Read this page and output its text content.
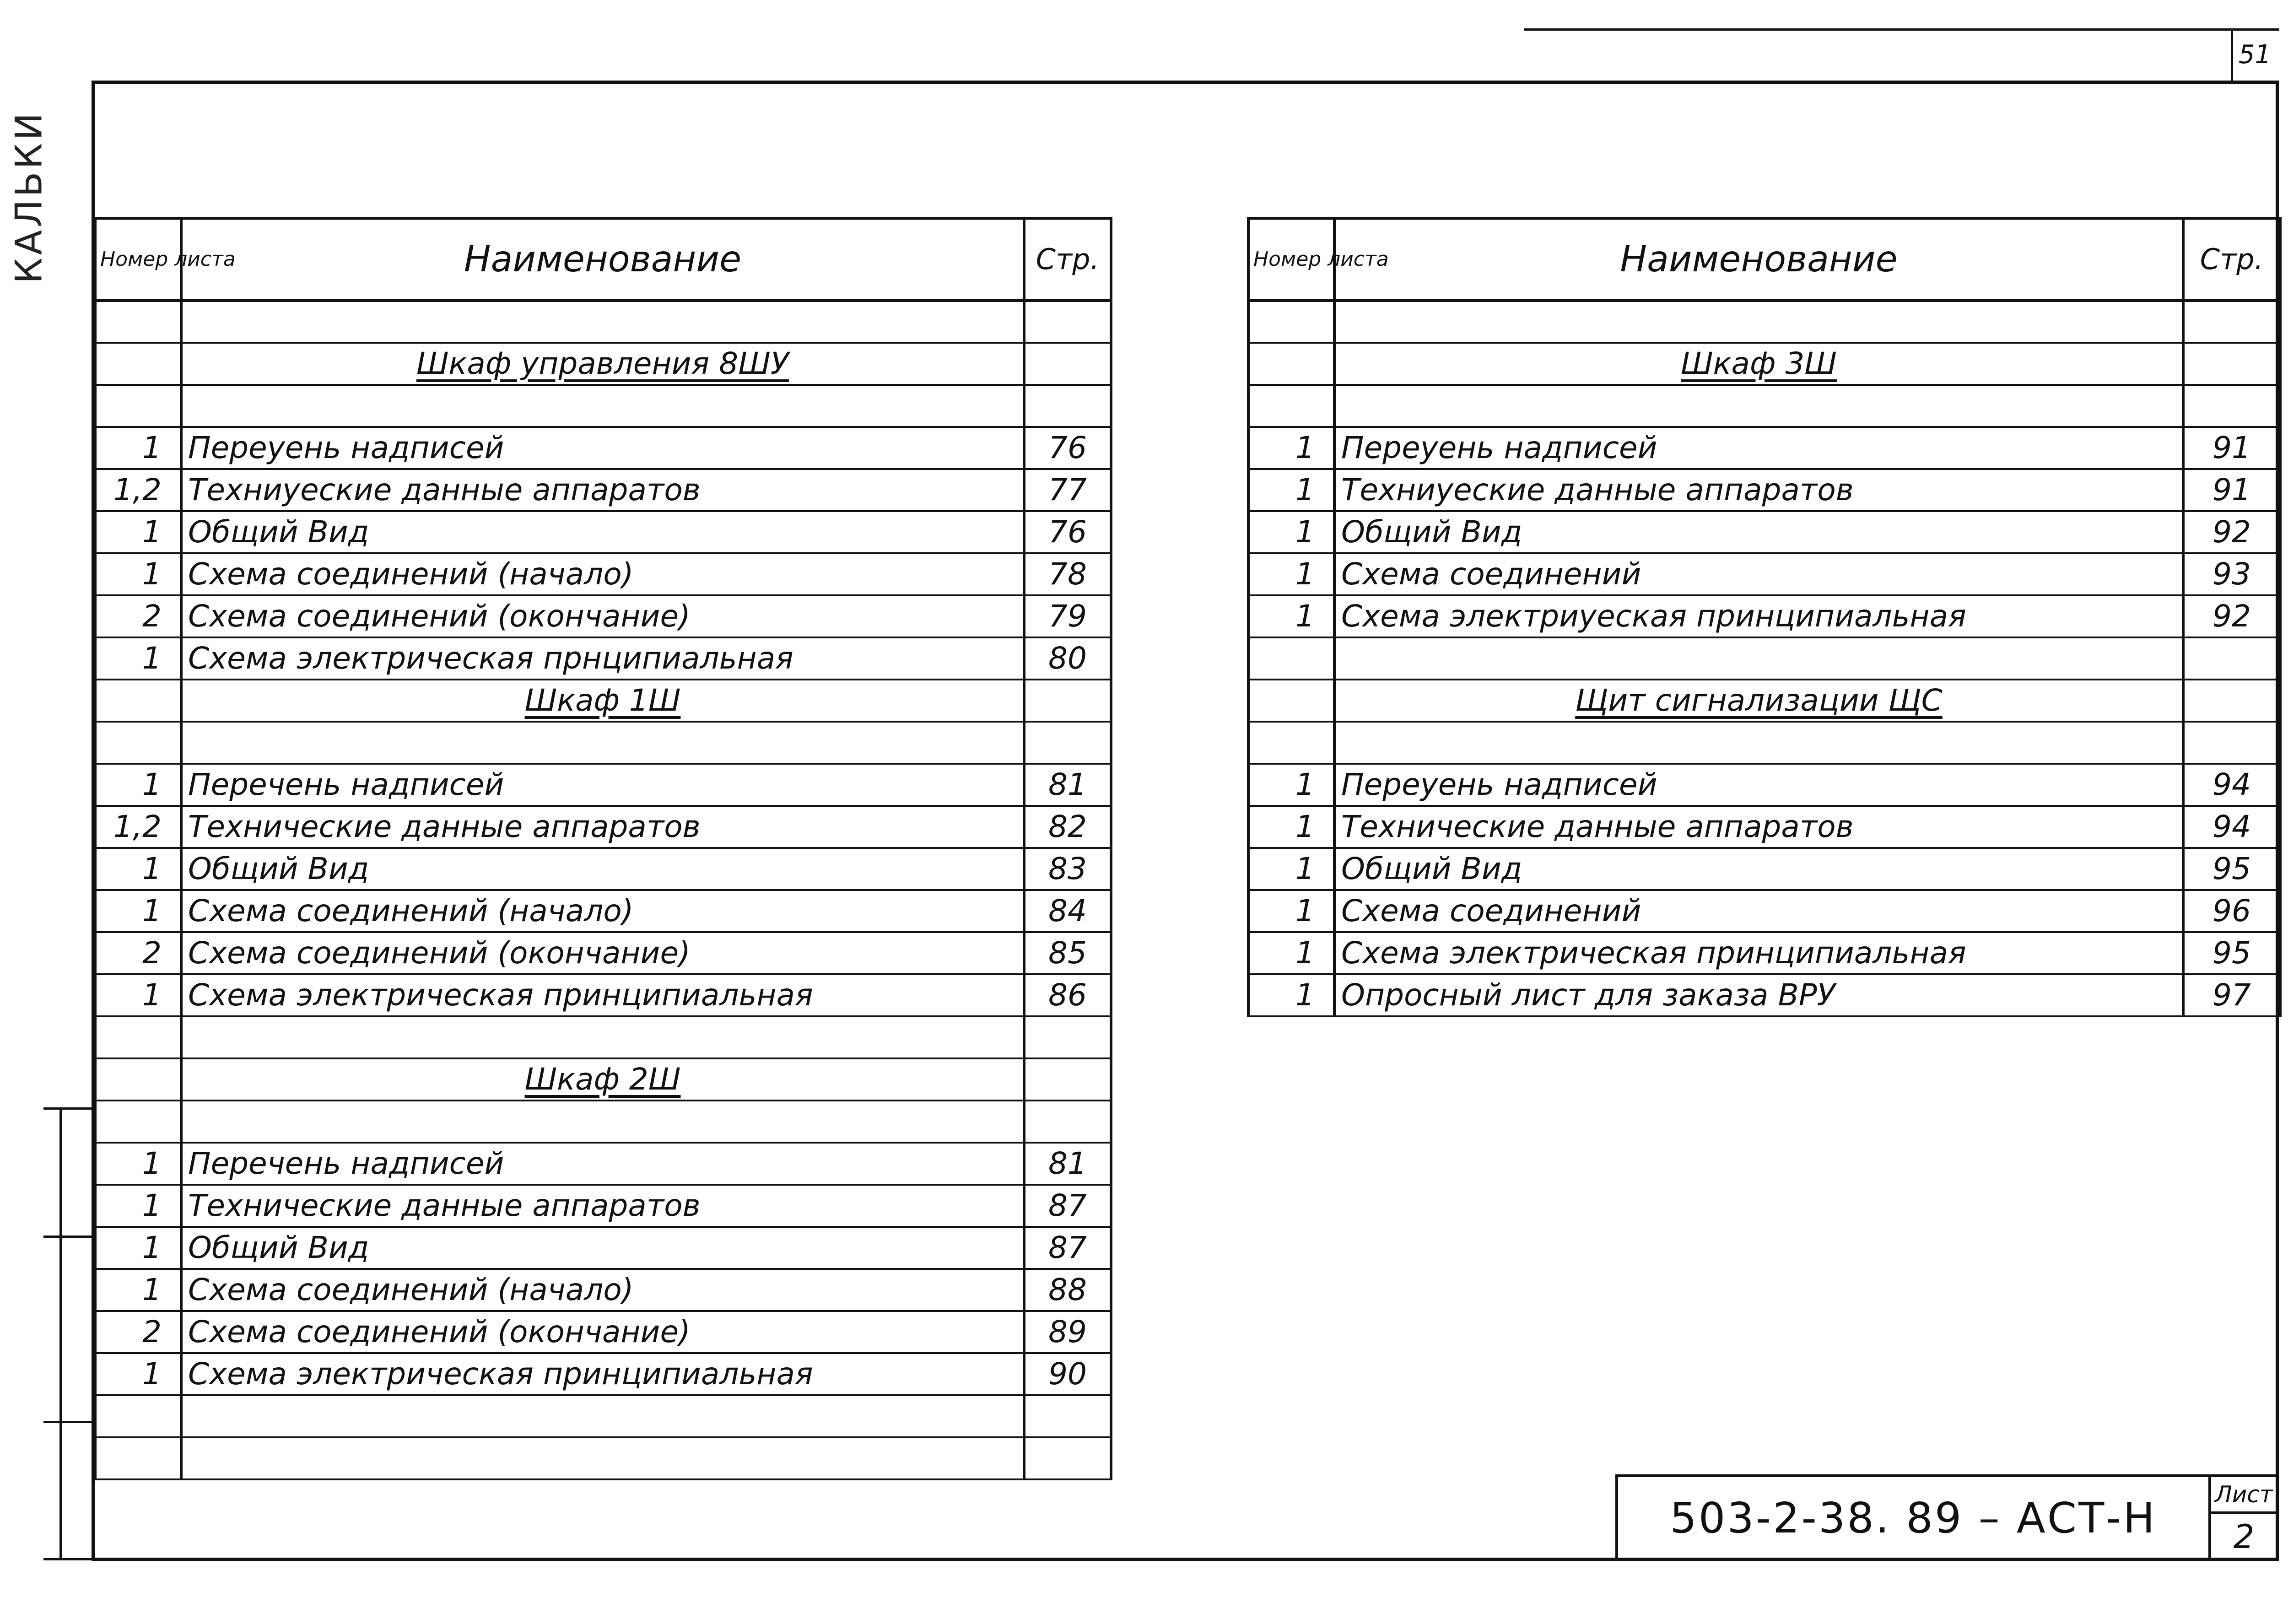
51
КАЛЬКИ Номер листа	Наименование	Стр.

	Шкаф управления 8ШУ	

1	Переуень надписей	76
1,2	Техниуеские данные аппаратов	77
1	Общий Вид	76
1	Схема соединений (начало)	78
2	Схема соединений (окончание)	79
1	Схема электрическая прнципиальная	80
	Шкаф 1Ш	

1	Перечень надписей	81
1,2	Технические данные аппаратов	82
1	Общий Вид	83
1	Схема соединений (начало)	84
2	Схема соединений (окончание)	85
1	Схема электрическая принципиальная	86

	Шкаф 2Ш	

1	Перечень надписей	81
1	Технические данные аппаратов	87
1	Общий Вид	87
1	Схема соединений (начало)	88
2	Схема соединений (окончание)	89
1	Схема электрическая принципиальная	90

Номер листа	Наименование	Стр.

	Шкаф 3Ш	

1	Переуень надписей	91
1	Техниуеские данные аппаратов	91
1	Общий Вид	92
1	Схема соединений	93
1	Схема электриуеская принципиальная	92

	Щит сигнализации ЩС	

1	Переуень надписей	94
1	Технические данные аппаратов	94
1	Общий Вид	95
1	Схема соединений	96
1	Схема электрическая принципиальная	95
1	Опросный лист для заказа ВРУ	97
503-2-38. 89 – АСТ-Н	Лист
2
